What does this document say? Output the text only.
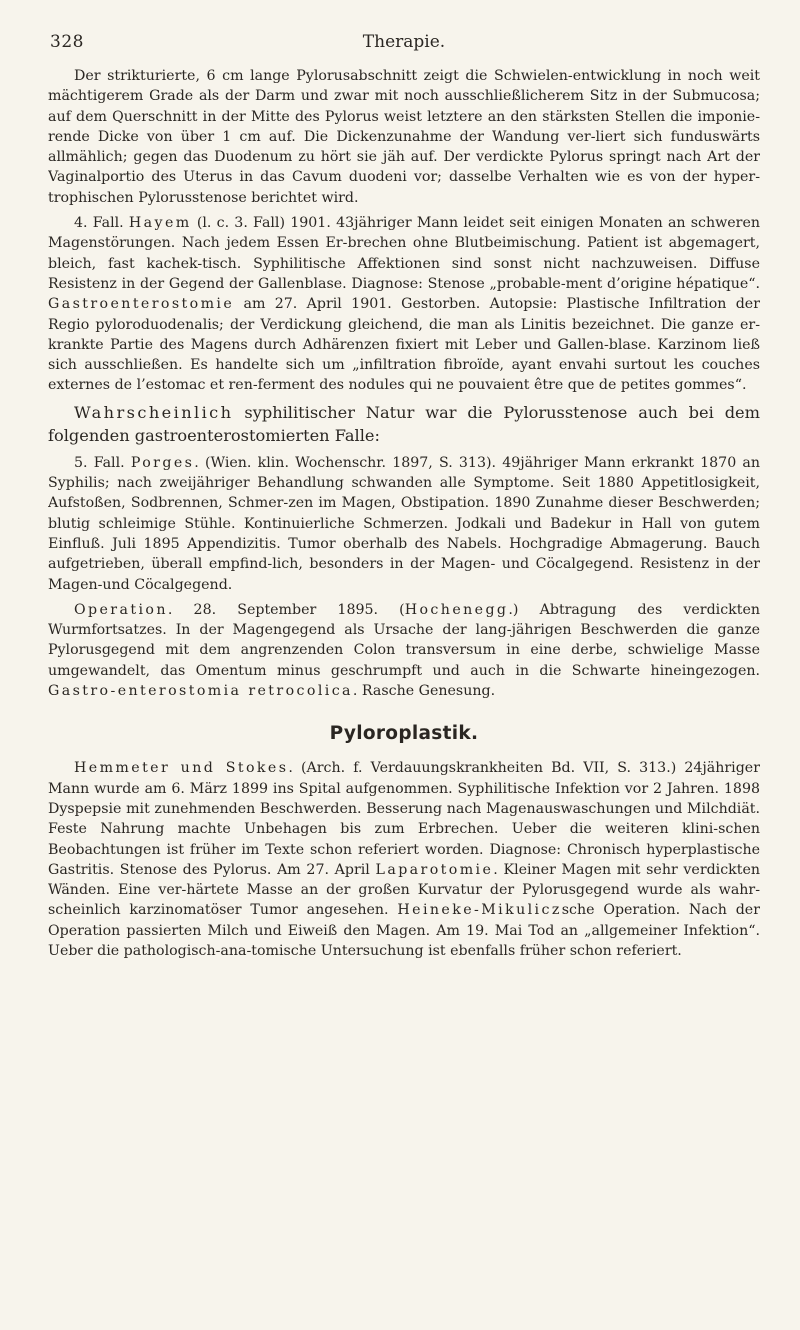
328	Therapie.

Der strikturierte, 6 cm lange Pylorusabschnitt zeigt die Schwielen-entwicklung in noch weit mächtigerem Grade als der Darm und zwar mit noch ausschließlicherem Sitz in der Submucosa; auf dem Querschnitt in der Mitte des Pylorus weist letztere an den stärksten Stellen die imponie-rende Dicke von über 1 cm auf. Die Dickenzunahme der Wandung ver-liert sich funduswärts allmählich; gegen das Duodenum zu hört sie jäh auf. Der verdickte Pylorus springt nach Art der Vaginalportio des Uterus in das Cavum duodeni vor; dasselbe Verhalten wie es von der hyper-trophischen Pylorusstenose berichtet wird.

4. Fall. Hayem (l. c. 3. Fall) 1901. 43jähriger Mann leidet seit einigen Monaten an schweren Magenstörungen. Nach jedem Essen Er-brechen ohne Blutbeimischung. Patient ist abgemagert, bleich, fast kachek-tisch. Syphilitische Affektionen sind sonst nicht nachzuweisen. Diffuse Resistenz in der Gegend der Gallenblase. Diagnose: Stenose „probable-ment d’origine hépatique“. Gastroenterostomie am 27. April 1901. Gestorben. Autopsie: Plastische Infiltration der Regio pyloroduodenalis; der Verdickung gleichend, die man als Linitis bezeichnet. Die ganze er-krankte Partie des Magens durch Adhärenzen fixiert mit Leber und Gallen-blase. Karzinom ließ sich ausschließen. Es handelte sich um „infiltration fibroïde, ayant envahi surtout les couches externes de l’estomac et ren-ferment des nodules qui ne pouvaient être que de petites gommes“.

Wahrscheinlich syphilitischer Natur war die Pylorusstenose auch bei dem folgenden gastroenterostomierten Falle:

5. Fall. Porges. (Wien. klin. Wochenschr. 1897, S. 313). 49jähriger Mann erkrankt 1870 an Syphilis; nach zweijähriger Behandlung schwanden alle Symptome. Seit 1880 Appetitlosigkeit, Aufstoßen, Sodbrennen, Schmer-zen im Magen, Obstipation. 1890 Zunahme dieser Beschwerden; blutig schleimige Stühle. Kontinuierliche Schmerzen. Jodkali und Badekur in Hall von gutem Einfluß. Juli 1895 Appendizitis. Tumor oberhalb des Nabels. Hochgradige Abmagerung. Bauch aufgetrieben, überall empfind-lich, besonders in der Magen- und Cöcalgegend. Resistenz in der Magen-und Cöcalgegend.

Operation. 28. September 1895. (Hochenegg.) Abtragung des verdickten Wurmfortsatzes. In der Magengegend als Ursache der lang-jährigen Beschwerden die ganze Pylorusgegend mit dem angrenzenden Colon transversum in eine derbe, schwielige Masse umgewandelt, das Omentum minus geschrumpft und auch in die Schwarte hineingezogen. Gastro-enterostomia retrocolica. Rasche Genesung.

Pyloroplastik.

Hemmeter und Stokes. (Arch. f. Verdauungskrankheiten Bd. VII, S. 313.) 24jähriger Mann wurde am 6. März 1899 ins Spital aufgenommen. Syphilitische Infektion vor 2 Jahren. 1898 Dyspepsie mit zunehmenden Beschwerden. Besserung nach Magenauswaschungen und Milchdiät. Feste Nahrung machte Unbehagen bis zum Erbrechen. Ueber die weiteren klini-schen Beobachtungen ist früher im Texte schon referiert worden. Diagnose: Chronisch hyperplastische Gastritis. Stenose des Pylorus. Am 27. April Laparotomie. Kleiner Magen mit sehr verdickten Wänden. Eine ver-härtete Masse an der großen Kurvatur der Pylorusgegend wurde als wahr-scheinlich karzinomatöser Tumor angesehen. Heineke-Mikuliczsche Operation. Nach der Operation passierten Milch und Eiweiß den Magen. Am 19. Mai Tod an „allgemeiner Infektion“. Ueber die pathologisch-ana-tomische Untersuchung ist ebenfalls früher schon referiert.
